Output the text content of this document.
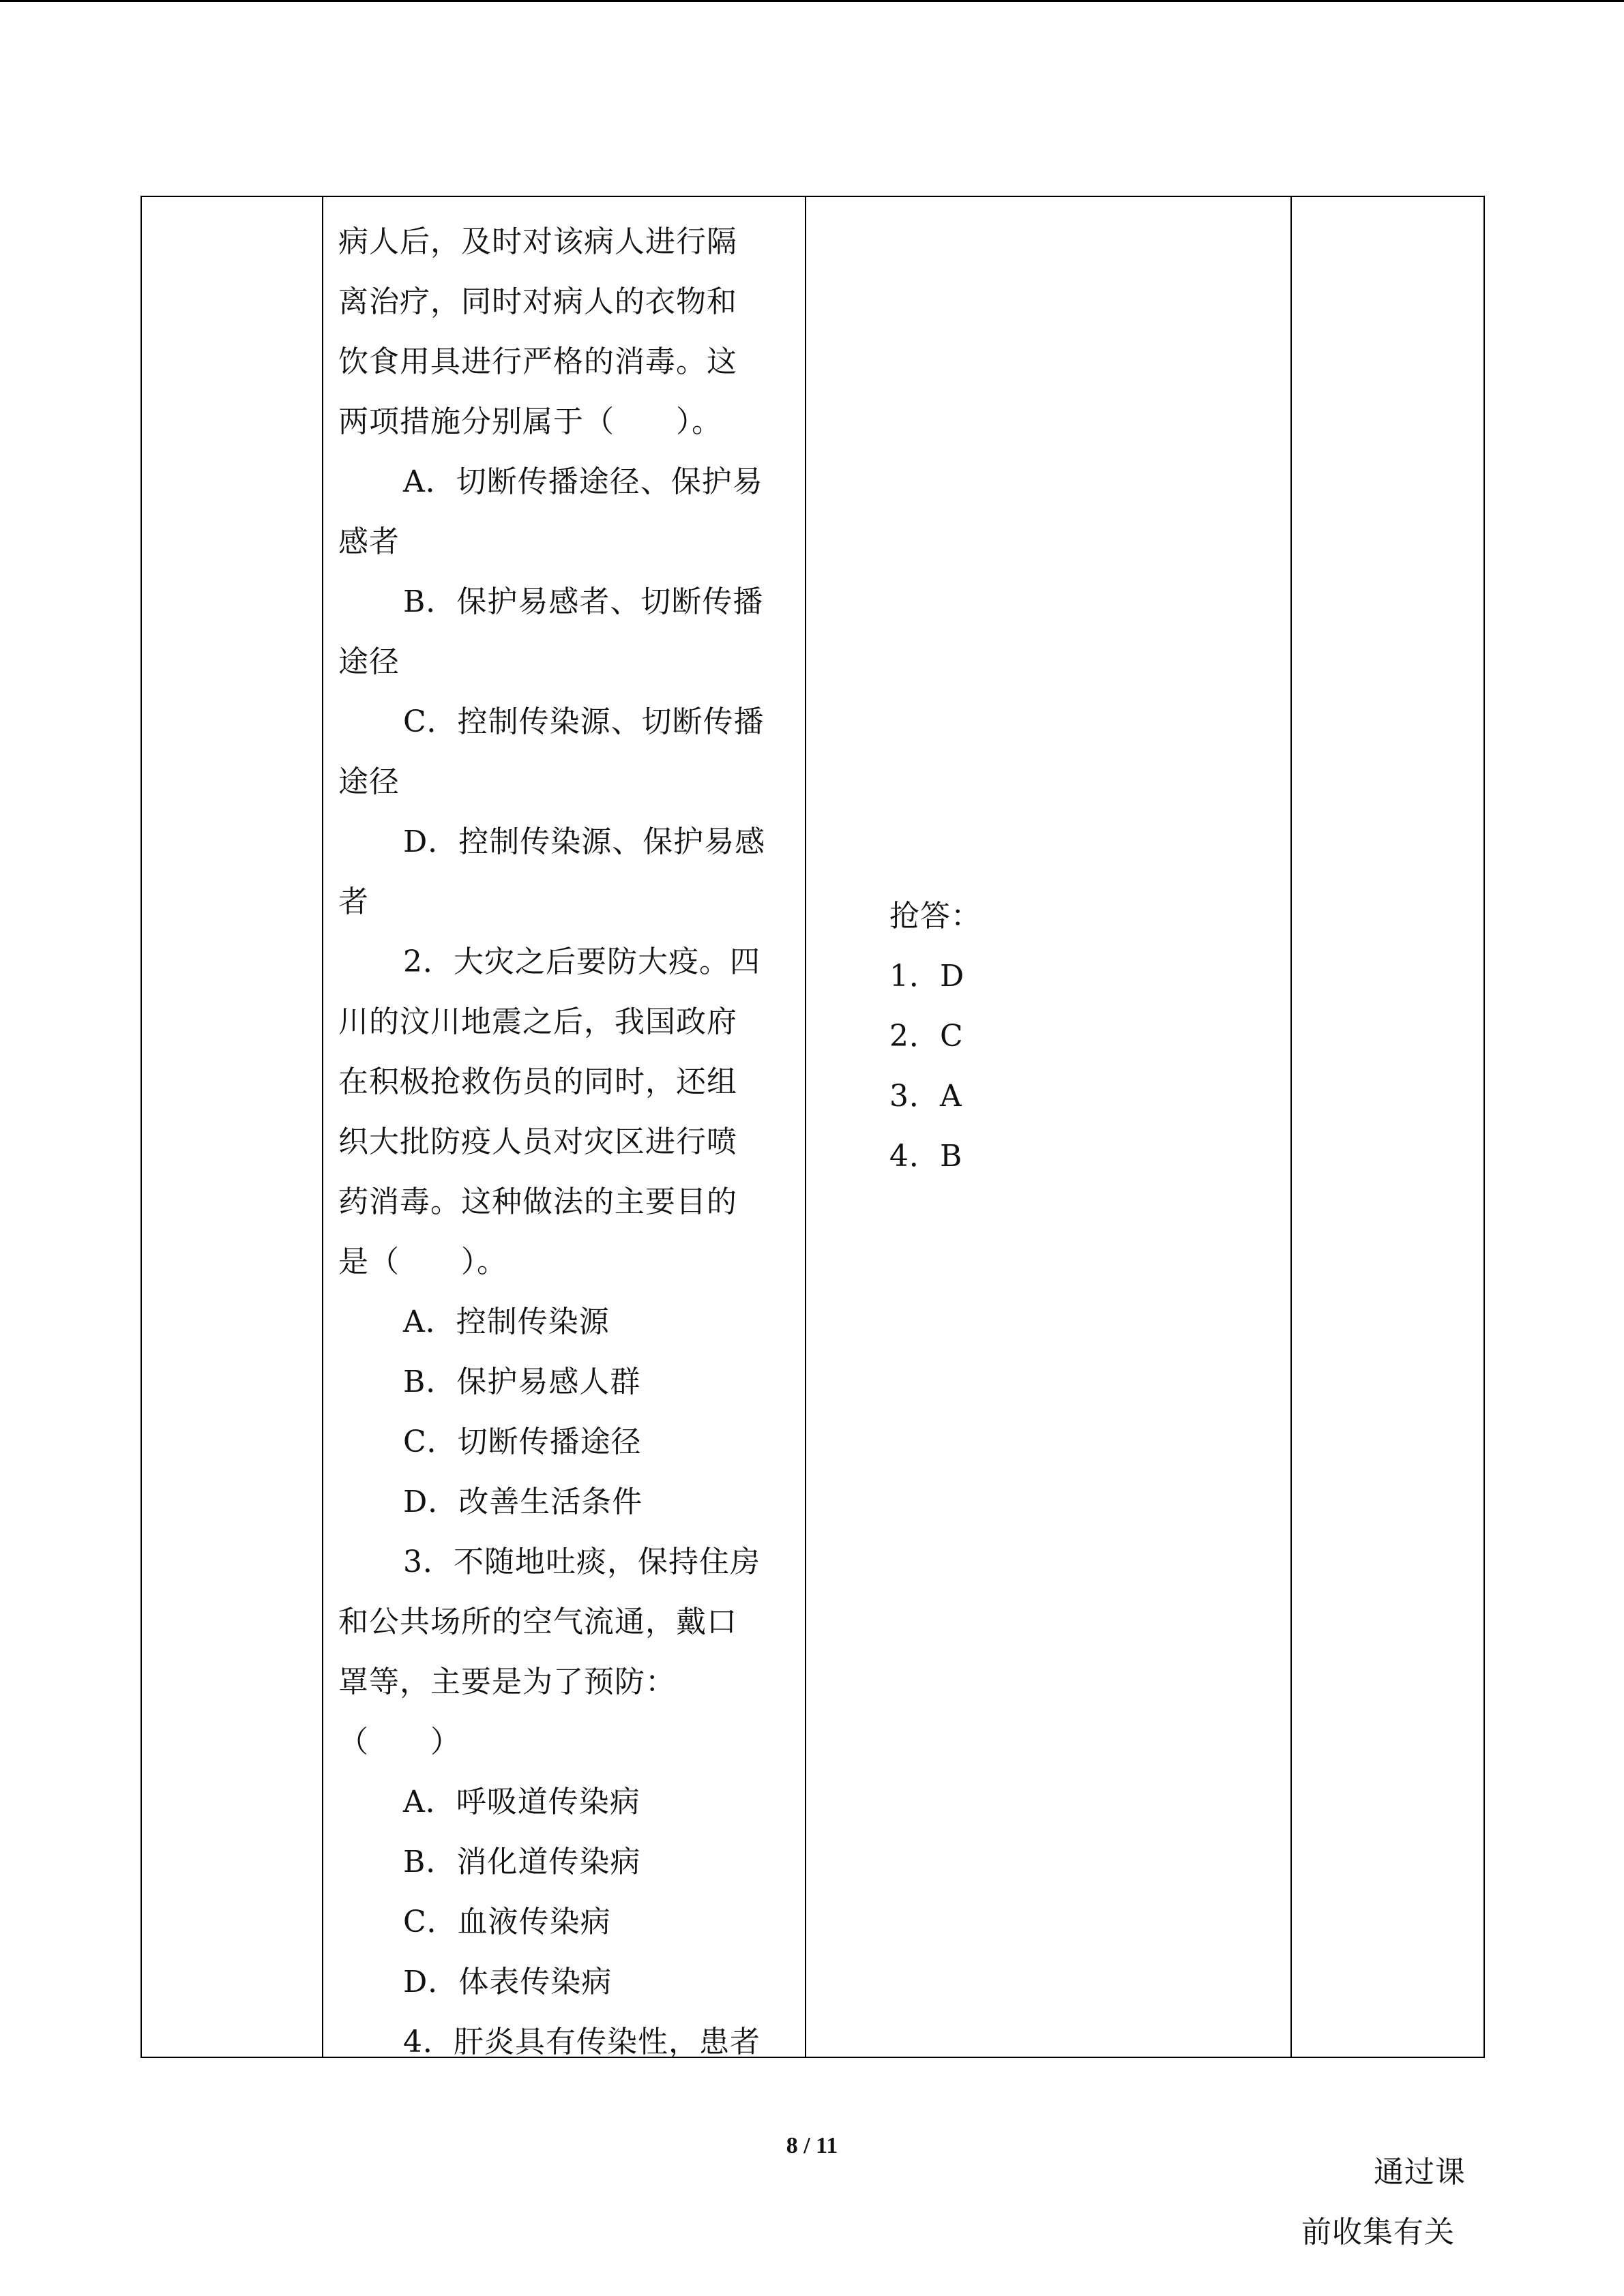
病人后，及时对该病人进行隔
离治疗，同时对病人的衣物和
饮食用具进行严格的消毒。这
两项措施分别属于（　　）。
A．切断传播途径、保护易
感者
B．保护易感者、切断传播
途径
C．控制传染源、切断传播
途径
D．控制传染源、保护易感
者
2．大灾之后要防大疫。四
川的汶川地震之后，我国政府
在积极抢救伤员的同时，还组
织大批防疫人员对灾区进行喷
药消毒。这种做法的主要目的
是（　　）。
A．控制传染源
B．保护易感人群
C．切断传播途径
D．改善生活条件
3．不随地吐痰，保持住房
和公共场所的空气流通，戴口
罩等，主要是为了预防：
（　　）
A．呼吸道传染病
B．消化道传染病
C．血液传染病
D．体表传染病
4．肝炎具有传染性，患者

抢答：
1．D
2．C
3．A
4．B

通过课
前收集有关
8 / 11
